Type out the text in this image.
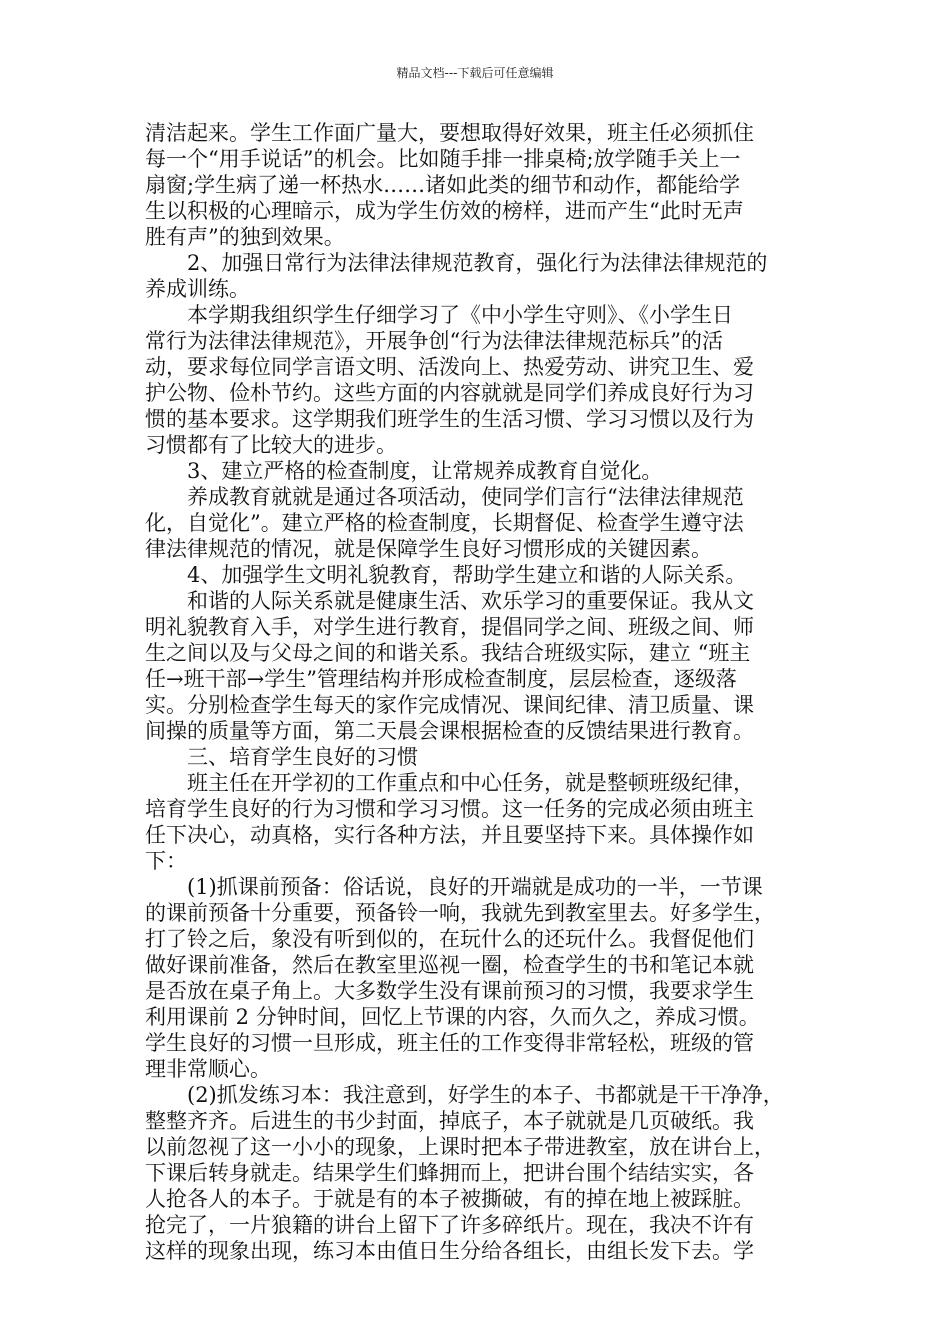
精品文档---下载后可任意编辑
清洁起来。学生工作面广量大，要想取得好效果，班主任必须抓住
每一个“用手说话”的机会。比如随手排一排桌椅;放学随手关上一
扇窗;学生病了递一杯热水……诸如此类的细节和动作，都能给学
生以积极的心理暗示，成为学生仿效的榜样，进而产生“此时无声
胜有声”的独到效果。
2、加强日常行为法律法律规范教育，强化行为法律法律规范的
养成训练。
本学期我组织学生仔细学习了《中小学生守则》、《小学生日
常行为法律法律规范》，开展争创“行为法律法律规范标兵”的活
动，要求每位同学言语文明、活泼向上、热爱劳动、讲究卫生、爱
护公物、俭朴节约。这些方面的内容就就是同学们养成良好行为习
惯的基本要求。这学期我们班学生的生活习惯、学习习惯以及行为
习惯都有了比较大的进步。
3、建立严格的检查制度，让常规养成教育自觉化。
养成教育就就是通过各项活动，使同学们言行“法律法律规范
化，自觉化”。建立严格的检查制度，长期督促、检查学生遵守法
律法律规范的情况，就是保障学生良好习惯形成的关键因素。
4、加强学生文明礼貌教育，帮助学生建立和谐的人际关系。
和谐的人际关系就是健康生活、欢乐学习的重要保证。我从文
明礼貌教育入手，对学生进行教育，提倡同学之间、班级之间、师
生之间以及与父母之间的和谐关系。我结合班级实际，建立 “班主
任→班干部→学生”管理结构并形成检查制度，层层检查，逐级落
实。分别检查学生每天的家作完成情况、课间纪律、清卫质量、课
间操的质量等方面，第二天晨会课根据检查的反馈结果进行教育。
三、培育学生良好的习惯
班主任在开学初的工作重点和中心任务，就是整顿班级纪律，
培育学生良好的行为习惯和学习习惯。这一任务的完成必须由班主
任下决心，动真格，实行各种方法，并且要坚持下来。具体操作如
下：
(1)抓课前预备：俗话说，良好的开端就是成功的一半，一节课
的课前预备十分重要，预备铃一响，我就先到教室里去。好多学生，
打了铃之后，象没有听到似的，在玩什么的还玩什么。我督促他们
做好课前准备，然后在教室里巡视一圈，检查学生的书和笔记本就
是否放在桌子角上。大多数学生没有课前预习的习惯，我要求学生
利用课前 2 分钟时间，回忆上节课的内容，久而久之，养成习惯。
学生良好的习惯一旦形成，班主任的工作变得非常轻松，班级的管
理非常顺心。
(2)抓发练习本：我注意到，好学生的本子、书都就是干干净净，
整整齐齐。后进生的书少封面，掉底子，本子就就是几页破纸。我
以前忽视了这一小小的现象，上课时把本子带进教室，放在讲台上，
下课后转身就走。结果学生们蜂拥而上，把讲台围个结结实实，各
人抢各人的本子。于就是有的本子被撕破，有的掉在地上被踩脏。
抢完了，一片狼籍的讲台上留下了许多碎纸片。现在，我决不许有
这样的现象出现，练习本由值日生分给各组长，由组长发下去。学
